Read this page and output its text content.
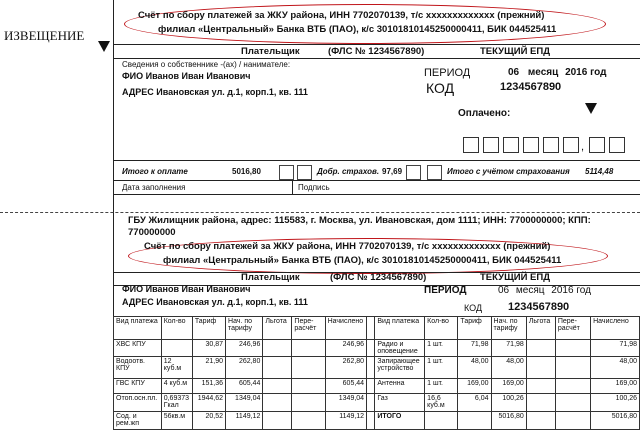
ИЗВЕЩЕНИЕ
Счёт по сбору платежей за ЖКУ района, ИНН 7702070139, т/с xxxxxxxxxxxxx (прежний)
филиал «Центральный» Банка ВТБ (ПАО), к/с 30101810145250000411, БИК 044525411
Плательщик	(ФЛС № 1234567890)	ТЕКУЩИЙ ЕПД
Сведения о собственнике -(ах) / нанимателе:
ФИО Иванов Иван Иванович
АДРЕС Ивановская ул. д.1, корп.1, кв. 111
ПЕРИОД	06 месяц 2016 год
КОД	1234567890
Оплачено:
,
Итого к оплате	5016,80	Добр. страхов. 97,69	Итого с учётом страхования 5114,48
Дата заполнения	Подпись
ГБУ Жилищник района, адрес: 115583, г. Москва, ул. Ивановская, дом 1111; ИНН: 7700000000; КПП:
770000000
Счёт по сбору платежей за ЖКУ района, ИНН 7702070139, т/с xxxxxxxxxxxxx (прежний)
филиал «Центральный» Банка ВТБ (ПАО), к/с 30101810145250000411, БИК 044525411
Плательщик	(ФЛС № 1234567890)	ТЕКУЩИЙ ЕПД
ФИО Иванов Иван Иванович
АДРЕС Ивановская ул. д.1, корп.1, кв. 111
ПЕРИОД	06 месяц 2016 год
КОД 1234567890
Вид платежа	Кол-во	Тариф	Нач. по тарифу	Льгота	Пере-расчёт	Начислено		Вид платежа	Кол-во	Тариф	Нач. по тарифу	Льгота	Пере-расчёт	Начислено
ХВС КПУ		30,87	246,96			246,96		Радио и оповещение	1 шт.	71,98	71,98			71,98
Водоотв. КПУ	12 куб.м	21,90	262,80			262,80		Запирающее устройство	1 шт.	48,00	48,00			48,00
ГВС КПУ	4 куб.м	151,36	605,44			605,44		Антенна	1 шт.	169,00	169,00			169,00
Отоп.осн.пл.	0,69373 Гкал	1944,62	1349,04			1349,04		Газ	16,6 куб.м	6,04	100,26			100,26
Сод. и рем.жп	56кв.м	20,52	1149,12			1149,12		ИТОГО			5016,80			5016,80
